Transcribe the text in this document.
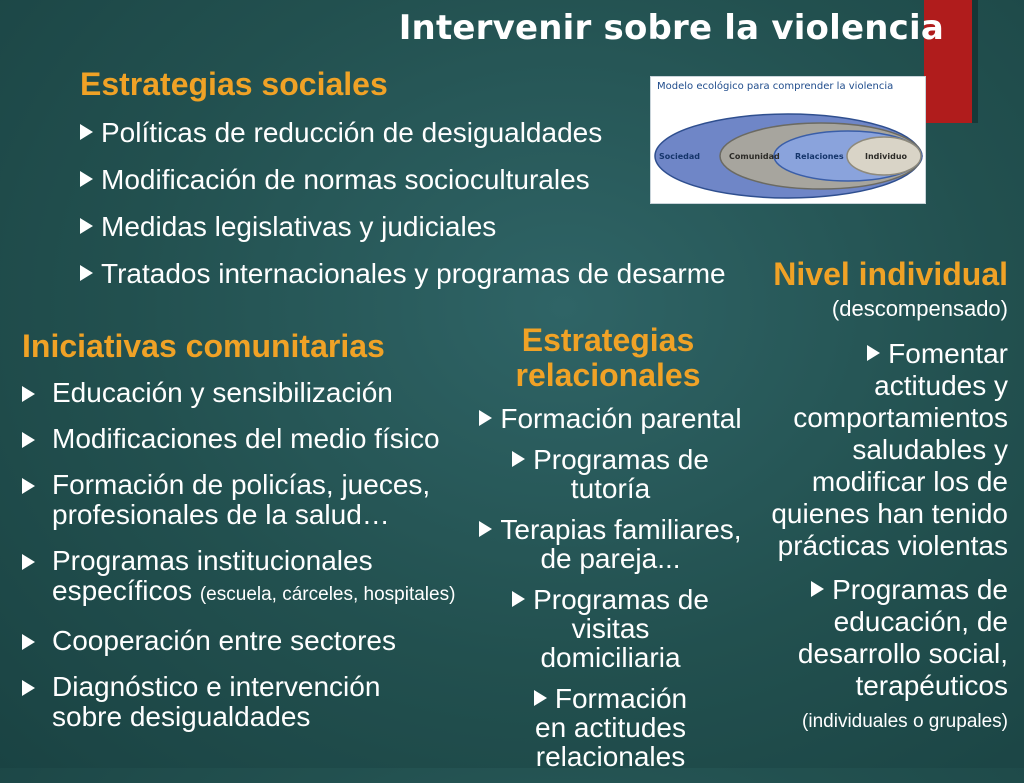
Intervenir sobre la violencia
Modelo ecológico para comprender la violencia
Sociedad	Comunidad Relaciones	Individuo
Estrategias sociales
Políticas de reducción de desigualdades
Modificación de normas socioculturales
Medidas legislativas y judiciales
Tratados internacionales y programas de desarme
Iniciativas comunitarias
Educación y sensibilización
Modificaciones del medio físico
Formación de policías, jueces, profesionales de la salud…
Programas institucionales específicos (escuela, cárceles, hospitales)
Cooperación entre sectores
Diagnóstico e intervención sobre desigualdades
Estrategias relacionales
Formación parental
Programas de tutoría
Terapias familiares, de pareja...
Programas de visitas domiciliaria
Formación en actitudes relacionales
Nivel individual
(descompensado)
Fomentar actitudes y comportamientos saludables y modificar los de quienes han tenido prácticas violentas
Programas de educación, de desarrollo social, terapéuticos
(individuales o grupales)
